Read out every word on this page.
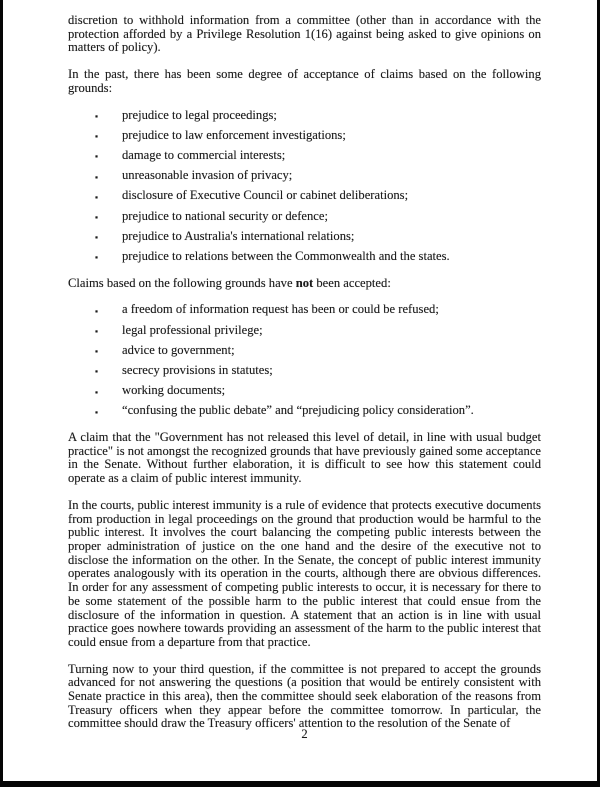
discretion to withhold information from a committee (other than in accordance with the protection afforded by a Privilege Resolution 1(16) against being asked to give opinions on matters of policy).

In the past, there has been some degree of acceptance of claims based on the following grounds:

▪ prejudice to legal proceedings;
▪ prejudice to law enforcement investigations;
▪ damage to commercial interests;
▪ unreasonable invasion of privacy;
▪ disclosure of Executive Council or cabinet deliberations;
▪ prejudice to national security or defence;
▪ prejudice to Australia's international relations;
▪ prejudice to relations between the Commonwealth and the states.

Claims based on the following grounds have not been accepted:

▪ a freedom of information request has been or could be refused;
▪ legal professional privilege;
▪ advice to government;
▪ secrecy provisions in statutes;
▪ working documents;
▪ “confusing the public debate” and “prejudicing policy consideration”.

A claim that the "Government has not released this level of detail, in line with usual budget practice" is not amongst the recognized grounds that have previously gained some acceptance in the Senate. Without further elaboration, it is difficult to see how this statement could operate as a claim of public interest immunity.

In the courts, public interest immunity is a rule of evidence that protects executive documents from production in legal proceedings on the ground that production would be harmful to the public interest. It involves the court balancing the competing public interests between the proper administration of justice on the one hand and the desire of the executive not to disclose the information on the other. In the Senate, the concept of public interest immunity operates analogously with its operation in the courts, although there are obvious differences. In order for any assessment of competing public interests to occur, it is necessary for there to be some statement of the possible harm to the public interest that could ensue from the disclosure of the information in question. A statement that an action is in line with usual practice goes nowhere towards providing an assessment of the harm to the public interest that could ensue from a departure from that practice.

Turning now to your third question, if the committee is not prepared to accept the grounds advanced for not answering the questions (a position that would be entirely consistent with Senate practice in this area), then the committee should seek elaboration of the reasons from Treasury officers when they appear before the committee tomorrow. In particular, the committee should draw the Treasury officers' attention to the resolution of the Senate of

2
